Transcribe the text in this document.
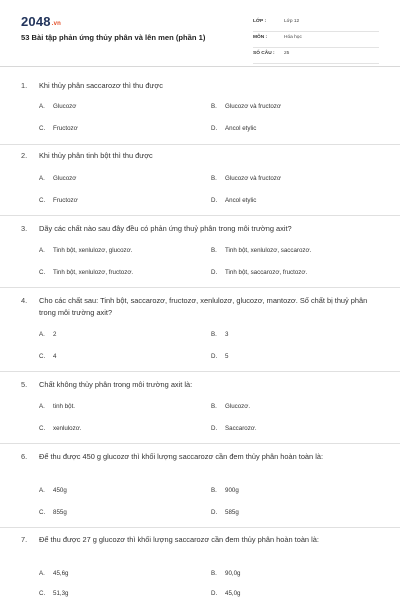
2048.vn
53 Bài tập phản ứng thủy phân và lên men (phần 1)
LỚP :	Lớp 12
MÔN :	Hóa học
SỐ CÂU : 25
1. Khi thủy phân saccarozơ thì thu được
A. Glucozơ	B. Glucozơ và fructozơ
C. Fructozơ	D. Ancol etylic
2. Khi thủy phân tinh bột thì thu được
A. Glucozơ	B. Glucozơ và fructozơ
C. Fructozơ	D. Ancol etylic
3. Dãy các chất nào sau đây đều có phản ứng thuỷ phân trong môi trường axit?
A. Tinh bột, xenlulozơ, glucozơ.	B. Tinh bột, xenlulozơ, saccarozơ.
C. Tinh bột, xenlulozơ, fructozơ.	D. Tinh bột, saccarozơ, fructozơ.
4. Cho các chất sau: Tinh bột, saccarozơ, fructozơ, xenlulozơ, glucozơ, mantozơ. Số chất bị thuỷ phân trong môi trường axit?
A. 2	B. 3
C. 4	D. 5
5. Chất không thủy phân trong môi trường axit là:
A. tinh bột.	B. Glucozơ.
C. xenlulozơ.	D. Saccarozơ.
6. Để thu được 450 g glucozơ thì khối lượng saccarozơ cần đem thủy phân hoàn toàn là:
A. 450g	B. 900g
C. 855g	D. 585g
7. Để thu được 27 g glucozơ thì khối lượng saccarozơ cần đem thủy phân hoàn toàn là:
A. 45,6g	B. 90,0g
C. 51,3g	D. 45,0g
